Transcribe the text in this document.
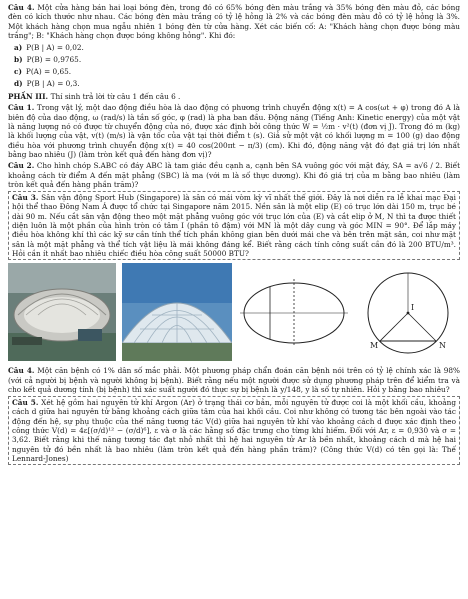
Câu 4. Một cửa hàng bán hai loại bóng đèn, trong đó có 65% bóng đèn màu trắng và 35% bóng đèn màu đỏ, các bóng đèn có kích thước như nhau. Các bóng đèn màu trắng có tỷ lệ hỏng là 2% và các bóng đèn màu đỏ có tỷ lệ hỏng là 3%. Một khách hàng chọn mua ngẫu nhiên 1 bóng đèn từ cửa hàng. Xét các biến cố: A: "Khách hàng chọn được bóng màu trắng"; B: "Khách hàng chọn được bóng không hỏng". Khi đó:

a) P(B | A) = 0,02.
b) P(B) = 0,9765.
c) P(A) = 0,65.
d) P(B | A) = 0,3.
PHẦN III. Thí sinh trả lời từ câu 1 đến câu 6 .

Câu 1. Trong vật lý, một dao động điều hòa là dao động có phương trình chuyển động x(t) = A cos(ωt + φ) trong đó A là biên độ của dao động, ω (rad/s) là tần số góc, φ (rad) là pha ban đầu. Động năng (Tiếng Anh: Kinetic energy) của một vật là năng lượng nó có được từ chuyển động của nó, được xác định bởi công thức W = ½m · v²(t) (đơn vị J). Trong đó m (kg) là khối lượng của vật, v(t) (m/s) là vận tốc của vật tại thời điểm t (s). Giả sử một vật có khối lượng m = 100 (g) dao động điều hòa với phương trình chuyển động x(t) = 40 cos(200πt − π/3) (cm). Khi đó, động năng vật đó đạt giá trị lớn nhất bằng bao nhiêu (J) (làm tròn kết quả đến hàng đơn vị)?

Câu 2. Cho hình chóp S.ABC có đáy ABC là tam giác đều cạnh a, cạnh bên SA vuông góc với mặt đáy, SA = a√6 / 2. Biết khoảng cách từ điểm A đến mặt phẳng (SBC) là ma (với m là số thực dương). Khi đó giá trị của m bằng bao nhiêu (làm tròn kết quả đến hàng phần trăm)?

Câu 3. Sân vận động Sport Hub (Singapore) là sân có mái vòm kỳ vĩ nhất thế giới. Đây là nơi diễn ra lễ khai mạc Đại hội thể thao Đông Nam Á được tổ chức tại Singapore năm 2015. Nền sân là một elip (E) có trục lớn dài 150 m, trục bé dài 90 m. Nếu cắt sân vận động theo một mặt phẳng vuông góc với trục lớn của (E) và cắt elip ở M, N thì ta được thiết diện luôn là một phần của hình tròn có tâm I (phần tô đậm) với MN là một dây cung và góc MIN = 90°. Để lắp máy điều hòa không khí thì các kỹ sư cần tính thể tích phần không gian bên dưới mái che và bên trên mặt sân, coi như mặt sân là một mặt phẳng và thể tích vật liệu là mái không đáng kể. Biết rằng cách tính công suất cần đó là 200 BTU/m³. Hỏi cần ít nhất bao nhiêu chiếc điều hòa công suất 50000 BTU?

I
M	N

Câu 4. Một căn bệnh có 1% dân số mắc phải. Một phương pháp chẩn đoán căn bệnh nói trên có tỷ lệ chính xác là 98% (với cả người bị bệnh và người không bị bệnh). Biết rằng nếu một người được sử dụng phương pháp trên để kiểm tra và cho kết quả dương tính (bị bệnh) thì xác suất người đó thực sự bị bệnh là y/148, y là số tự nhiên. Hỏi y bằng bao nhiêu?

Câu 5. Xét hệ gồm hai nguyên tử khí Argon (Ar) ở trạng thái cơ bản, mỗi nguyên tử được coi là một khối cầu, khoảng cách d giữa hai nguyên tử bằng khoảng cách giữa tâm của hai khối cầu. Coi như không có tương tác bên ngoài vào tác động đến hệ, sự phụ thuộc của thế năng tương tác V(d) giữa hai nguyên tử khí vào khoảng cách d được xác định theo công thức V(d) = 4ε[(σ/d)¹² − (σ/d)⁶], ε và σ là các hằng số đặc trưng cho từng khí hiếm. Đối với Ar, ε = 0,930 và σ = 3,62. Biết rằng khi thế năng tương tác đạt nhỏ nhất thì hệ hai nguyên tử Ar là bền nhất, khoảng cách d mà hệ hai nguyên tử đó bền nhất là bao nhiêu (làm tròn kết quả đến hàng phần trăm)? (Công thức V(d) có tên gọi là: Thế Lennard-Jones)
